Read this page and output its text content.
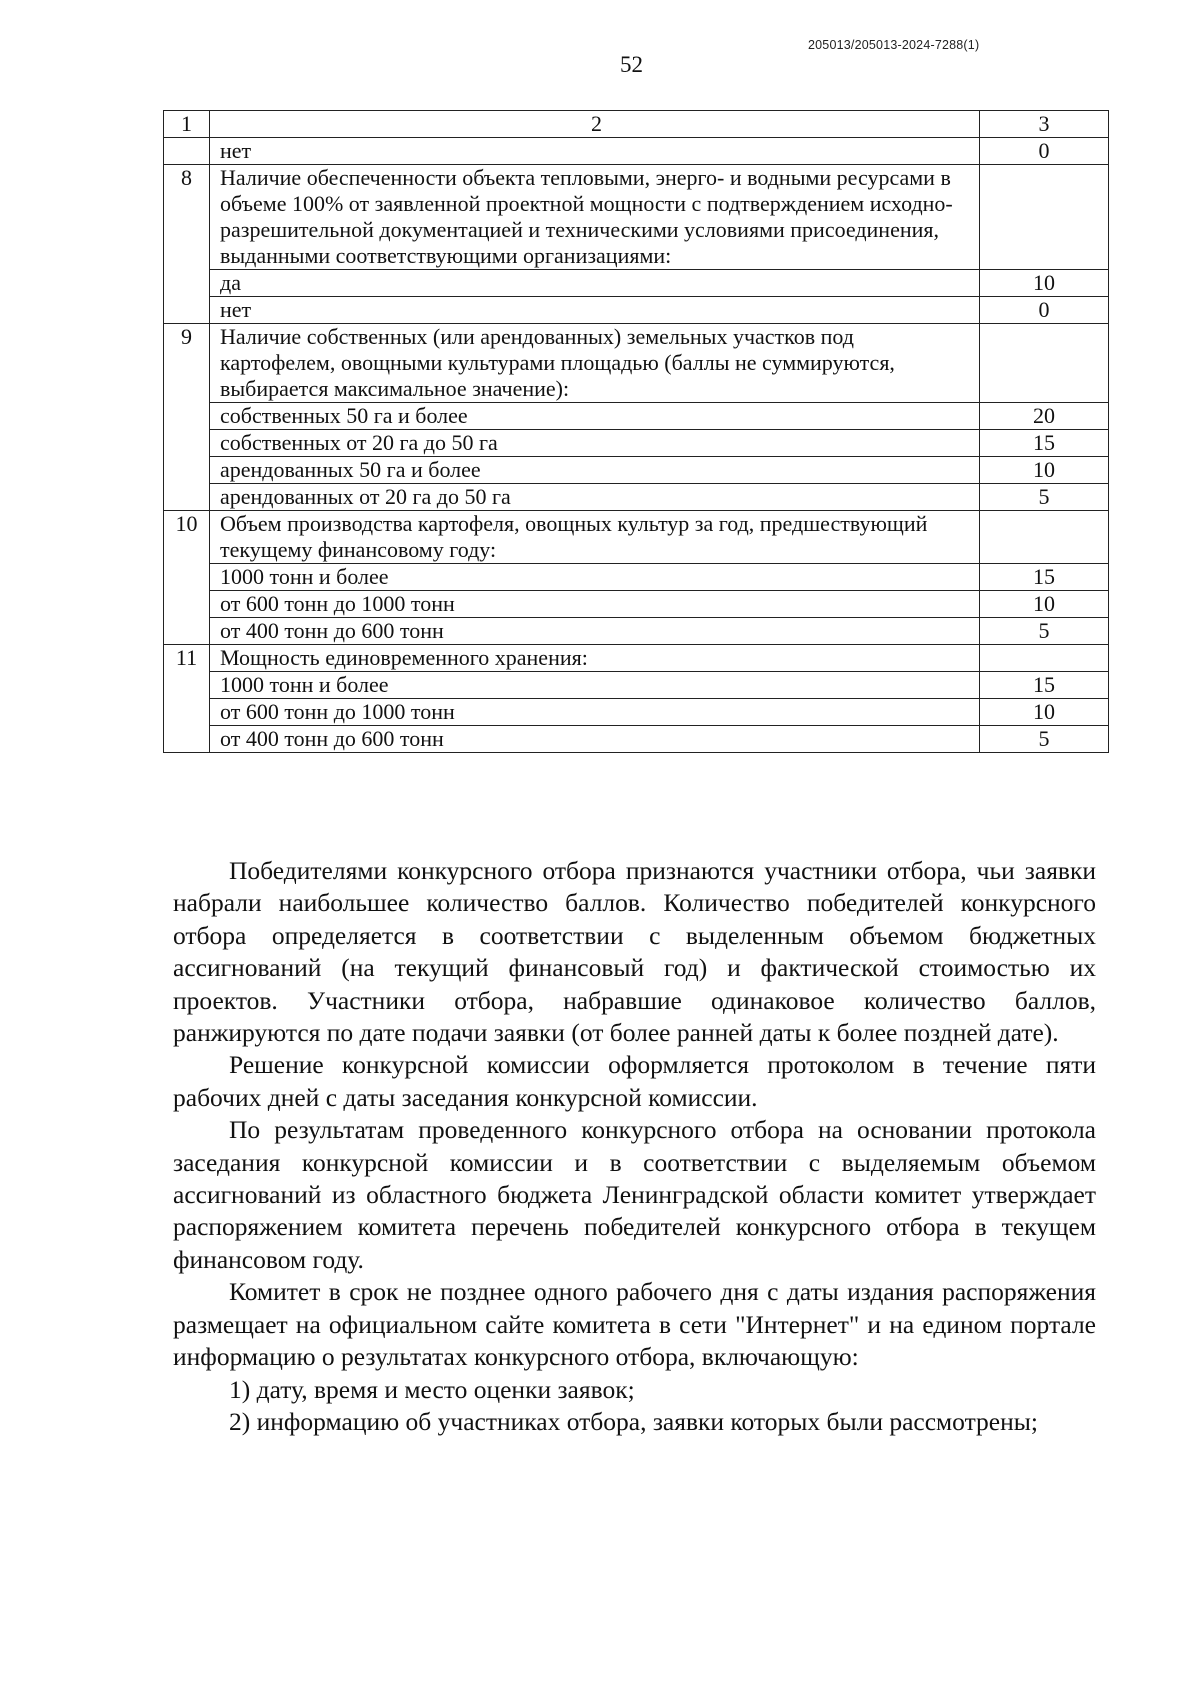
205013/205013-2024-7288(1)
52
1	2	3
	нет	0
8	Наличие обеспеченности объекта тепловыми, энерго- и водными ресурсами в объеме 100% от заявленной проектной мощности с подтверждением исходно-разрешительной документацией и техническими условиями присоединения, выданными соответствующими организациями:	
	да	10
	нет	0
9	Наличие собственных (или арендованных) земельных участков под картофелем, овощными культурами площадью (баллы не суммируются, выбирается максимальное значение):	
	собственных 50 га и более	20
	собственных от 20 га до 50 га	15
	арендованных 50 га и более	10
	арендованных от 20 га до 50 га	5
10	Объем производства картофеля, овощных культур за год, предшествующий текущему финансовому году:	
	1000 тонн и более	15
	от 600 тонн до 1000 тонн	10
	от 400 тонн до 600 тонн	5
11	Мощность единовременного хранения:	
	1000 тонн и более	15
	от 600 тонн до 1000 тонн	10
	от 400 тонн до 600 тонн	5

Победителями конкурсного отбора признаются участники отбора, чьи заявки набрали наибольшее количество баллов. Количество победителей конкурсного отбора определяется в соответствии с выделенным объемом бюджетных ассигнований (на текущий финансовый год) и фактической стоимостью их проектов. Участники отбора, набравшие одинаковое количество баллов, ранжируются по дате подачи заявки (от более ранней даты к более поздней дате).

Решение конкурсной комиссии оформляется протоколом в течение пяти рабочих дней с даты заседания конкурсной комиссии.

По результатам проведенного конкурсного отбора на основании протокола заседания конкурсной комиссии и в соответствии с выделяемым объемом ассигнований из областного бюджета Ленинградской области комитет утверждает распоряжением комитета перечень победителей конкурсного отбора в текущем финансовом году.

Комитет в срок не позднее одного рабочего дня с даты издания распоряжения размещает на официальном сайте комитета в сети "Интернет" и на едином портале информацию о результатах конкурсного отбора, включающую:

1) дату, время и место оценки заявок;

2) информацию об участниках отбора, заявки которых были рассмотрены;
